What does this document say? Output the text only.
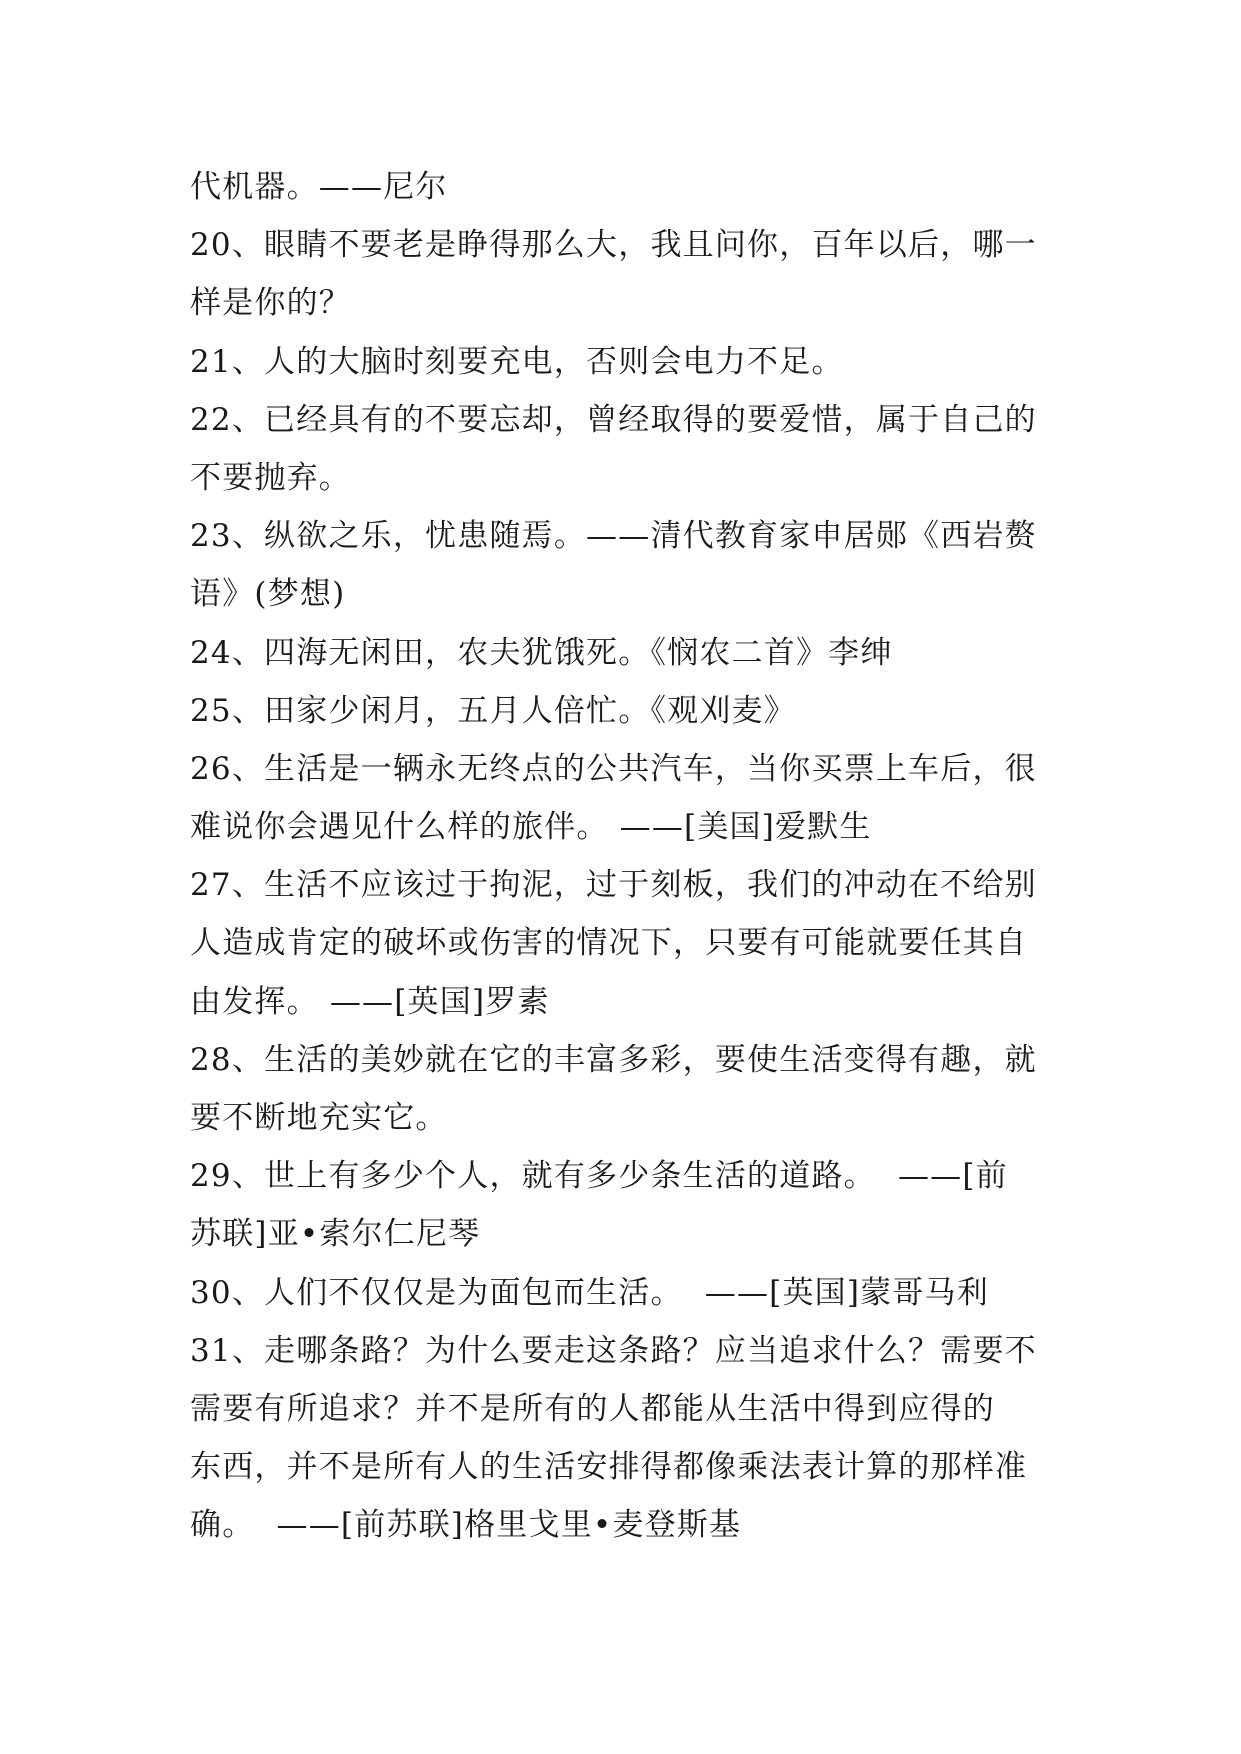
代机器。——尼尔
20、眼睛不要老是睁得那么大，我且问你，百年以后，哪一
样是你的？
21、人的大脑时刻要充电，否则会电力不足。
22、已经具有的不要忘却，曾经取得的要爱惜，属于自己的
不要抛弃。
23、纵欲之乐，忧患随焉。——清代教育家申居郧《西岩赘
语》(梦想)
24、四海无闲田，农夫犹饿死。《悯农二首》李绅
25、田家少闲月，五月人倍忙。《观刈麦》
26、生活是一辆永无终点的公共汽车，当你买票上车后，很
难说你会遇见什么样的旅伴。 ——[美国]爱默生
27、生活不应该过于拘泥，过于刻板，我们的冲动在不给别
人造成肯定的破坏或伤害的情况下，只要有可能就要任其自
由发挥。 ——[英国]罗素
28、生活的美妙就在它的丰富多彩，要使生活变得有趣，就
要不断地充实它。
29、世上有多少个人，就有多少条生活的道路。  ——[前
苏联]亚•索尔仁尼琴
30、人们不仅仅是为面包而生活。  ——[英国]蒙哥马利
31、走哪条路？为什么要走这条路？应当追求什么？需要不
需要有所追求？并不是所有的人都能从生活中得到应得的
东西，并不是所有人的生活安排得都像乘法表计算的那样准
确。  ——[前苏联]格里戈里•麦登斯基
